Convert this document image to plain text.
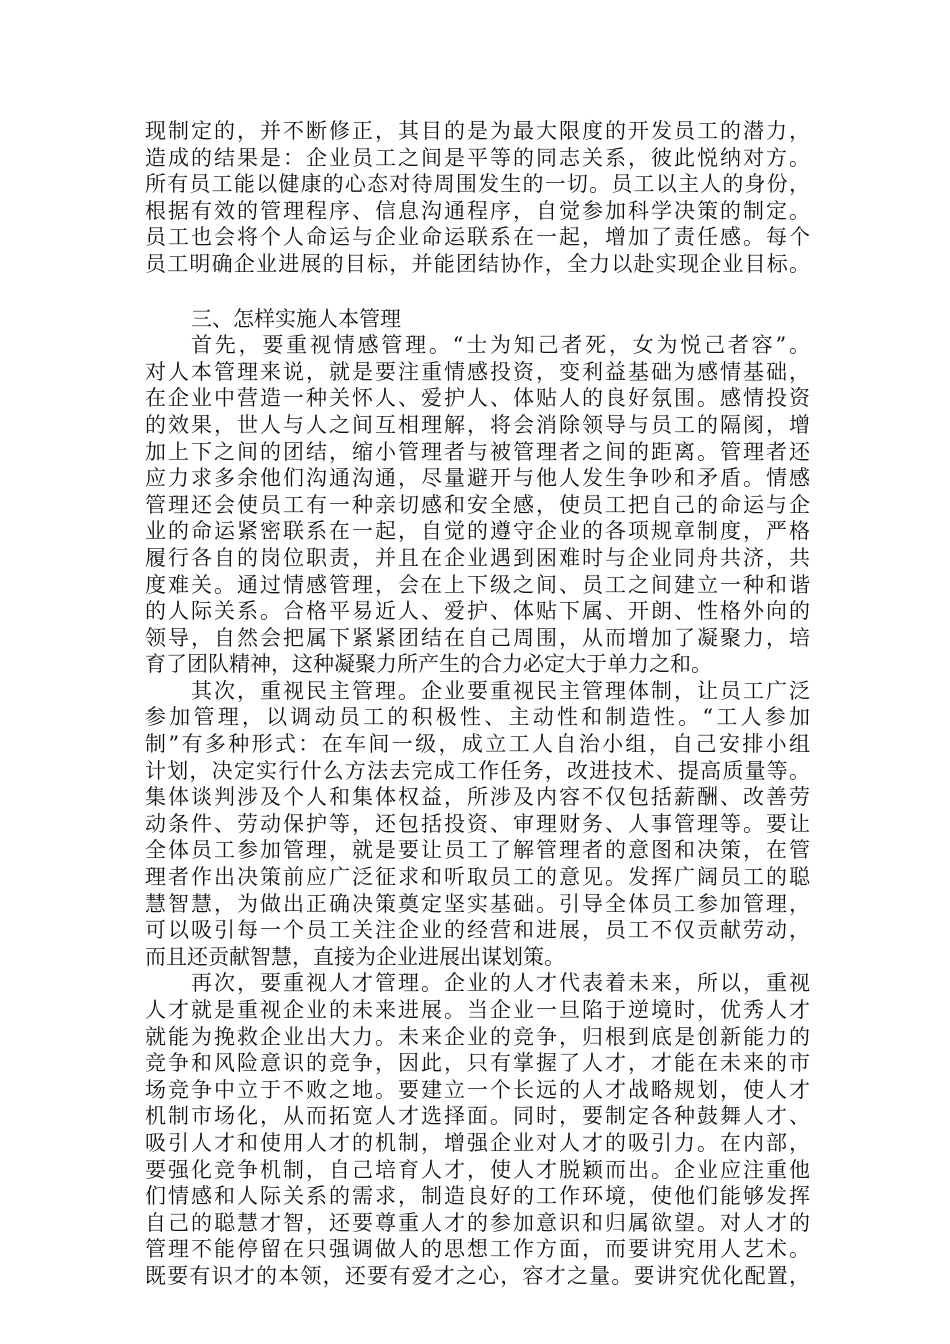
现制定的，并不断修正，其目的是为最大限度的开发员工的潜力，
造成的结果是：企业员工之间是平等的同志关系，彼此悦纳对方。
所有员工能以健康的心态对待周围发生的一切。员工以主人的身份，
根据有效的管理程序、信息沟通程序，自觉参加科学决策的制定。
员工也会将个人命运与企业命运联系在一起，增加了责任感。每个
员工明确企业进展的目标，并能团结协作，全力以赴实现企业目标。
三、怎样实施人本管理
首先，要重视情感管理。“士为知己者死，女为悦己者容”。
对人本管理来说，就是要注重情感投资，变利益基础为感情基础，
在企业中营造一种关怀人、爱护人、体贴人的良好氛围。感情投资
的效果，世人与人之间互相理解，将会消除领导与员工的隔阂，增
加上下之间的团结，缩小管理者与被管理者之间的距离。管理者还
应力求多余他们沟通沟通，尽量避开与他人发生争吵和矛盾。情感
管理还会使员工有一种亲切感和安全感，使员工把自己的命运与企
业的命运紧密联系在一起，自觉的遵守企业的各项规章制度，严格
履行各自的岗位职责，并且在企业遇到困难时与企业同舟共济，共
度难关。通过情感管理，会在上下级之间、员工之间建立一种和谐
的人际关系。合格平易近人、爱护、体贴下属、开朗、性格外向的
领导，自然会把属下紧紧团结在自己周围，从而增加了凝聚力，培
育了团队精神，这种凝聚力所产生的合力必定大于单力之和。
其次，重视民主管理。企业要重视民主管理体制，让员工广泛
参加管理，以调动员工的积极性、主动性和制造性。“工人参加
制”有多种形式：在车间一级，成立工人自治小组，自己安排小组
计划，决定实行什么方法去完成工作任务，改进技术、提高质量等。
集体谈判涉及个人和集体权益，所涉及内容不仅包括薪酬、改善劳
动条件、劳动保护等，还包括投资、审理财务、人事管理等。要让
全体员工参加管理，就是要让员工了解管理者的意图和决策，在管
理者作出决策前应广泛征求和听取员工的意见。发挥广阔员工的聪
慧智慧，为做出正确决策奠定坚实基础。引导全体员工参加管理，
可以吸引每一个员工关注企业的经营和进展，员工不仅贡献劳动，
而且还贡献智慧，直接为企业进展出谋划策。
再次，要重视人才管理。企业的人才代表着未来，所以，重视
人才就是重视企业的未来进展。当企业一旦陷于逆境时，优秀人才
就能为挽救企业出大力。未来企业的竞争，归根到底是创新能力的
竞争和风险意识的竞争，因此，只有掌握了人才，才能在未来的市
场竞争中立于不败之地。要建立一个长远的人才战略规划，使人才
机制市场化，从而拓宽人才选择面。同时，要制定各种鼓舞人才、
吸引人才和使用人才的机制，增强企业对人才的吸引力。在内部，
要强化竞争机制，自己培育人才，使人才脱颖而出。企业应注重他
们情感和人际关系的需求，制造良好的工作环境，使他们能够发挥
自己的聪慧才智，还要尊重人才的参加意识和归属欲望。对人才的
管理不能停留在只强调做人的思想工作方面，而要讲究用人艺术。
既要有识才的本领，还要有爱才之心，容才之量。要讲究优化配置，
